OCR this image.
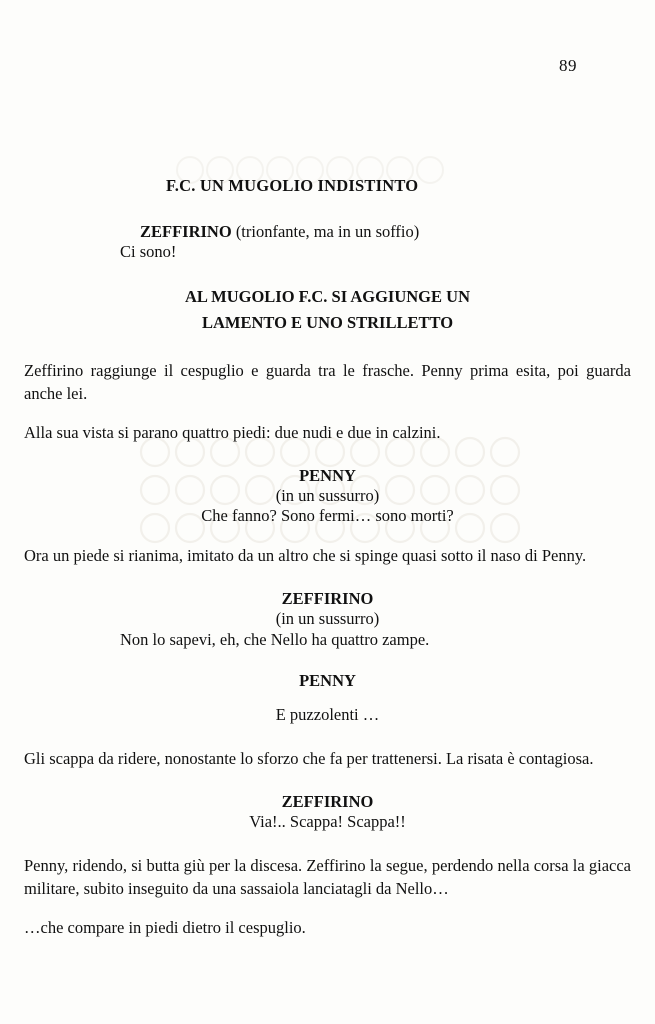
89
F.C. UN MUGOLIO INDISTINTO
ZEFFIRINO (trionfante, ma in un soffio)
Ci sono!
AL MUGOLIO F.C. SI AGGIUNGE UN
LAMENTO E UNO STRILLETTO
Zeffirino raggiunge il cespuglio e guarda tra le frasche. Penny prima esita, poi guarda anche lei.
Alla sua vista si parano quattro piedi: due nudi e due in calzini.
PENNY
(in un sussurro)
Che fanno? Sono fermi… sono morti?
Ora un piede si rianima, imitato da un altro che si spinge quasi sotto il naso di Penny.
ZEFFIRINO
(in un sussurro)
Non lo sapevi, eh, che Nello ha quattro zampe.
PENNY
E puzzolenti …
Gli scappa da ridere, nonostante lo sforzo che fa per trattenersi. La risata è contagiosa.
ZEFFIRINO
Via!.. Scappa! Scappa!!
Penny, ridendo, si butta giù per la discesa. Zeffirino la segue, perdendo nella corsa la giacca militare, subito inseguito da una sassaiola lanciatagli da Nello…
…che compare in piedi dietro il cespuglio.
